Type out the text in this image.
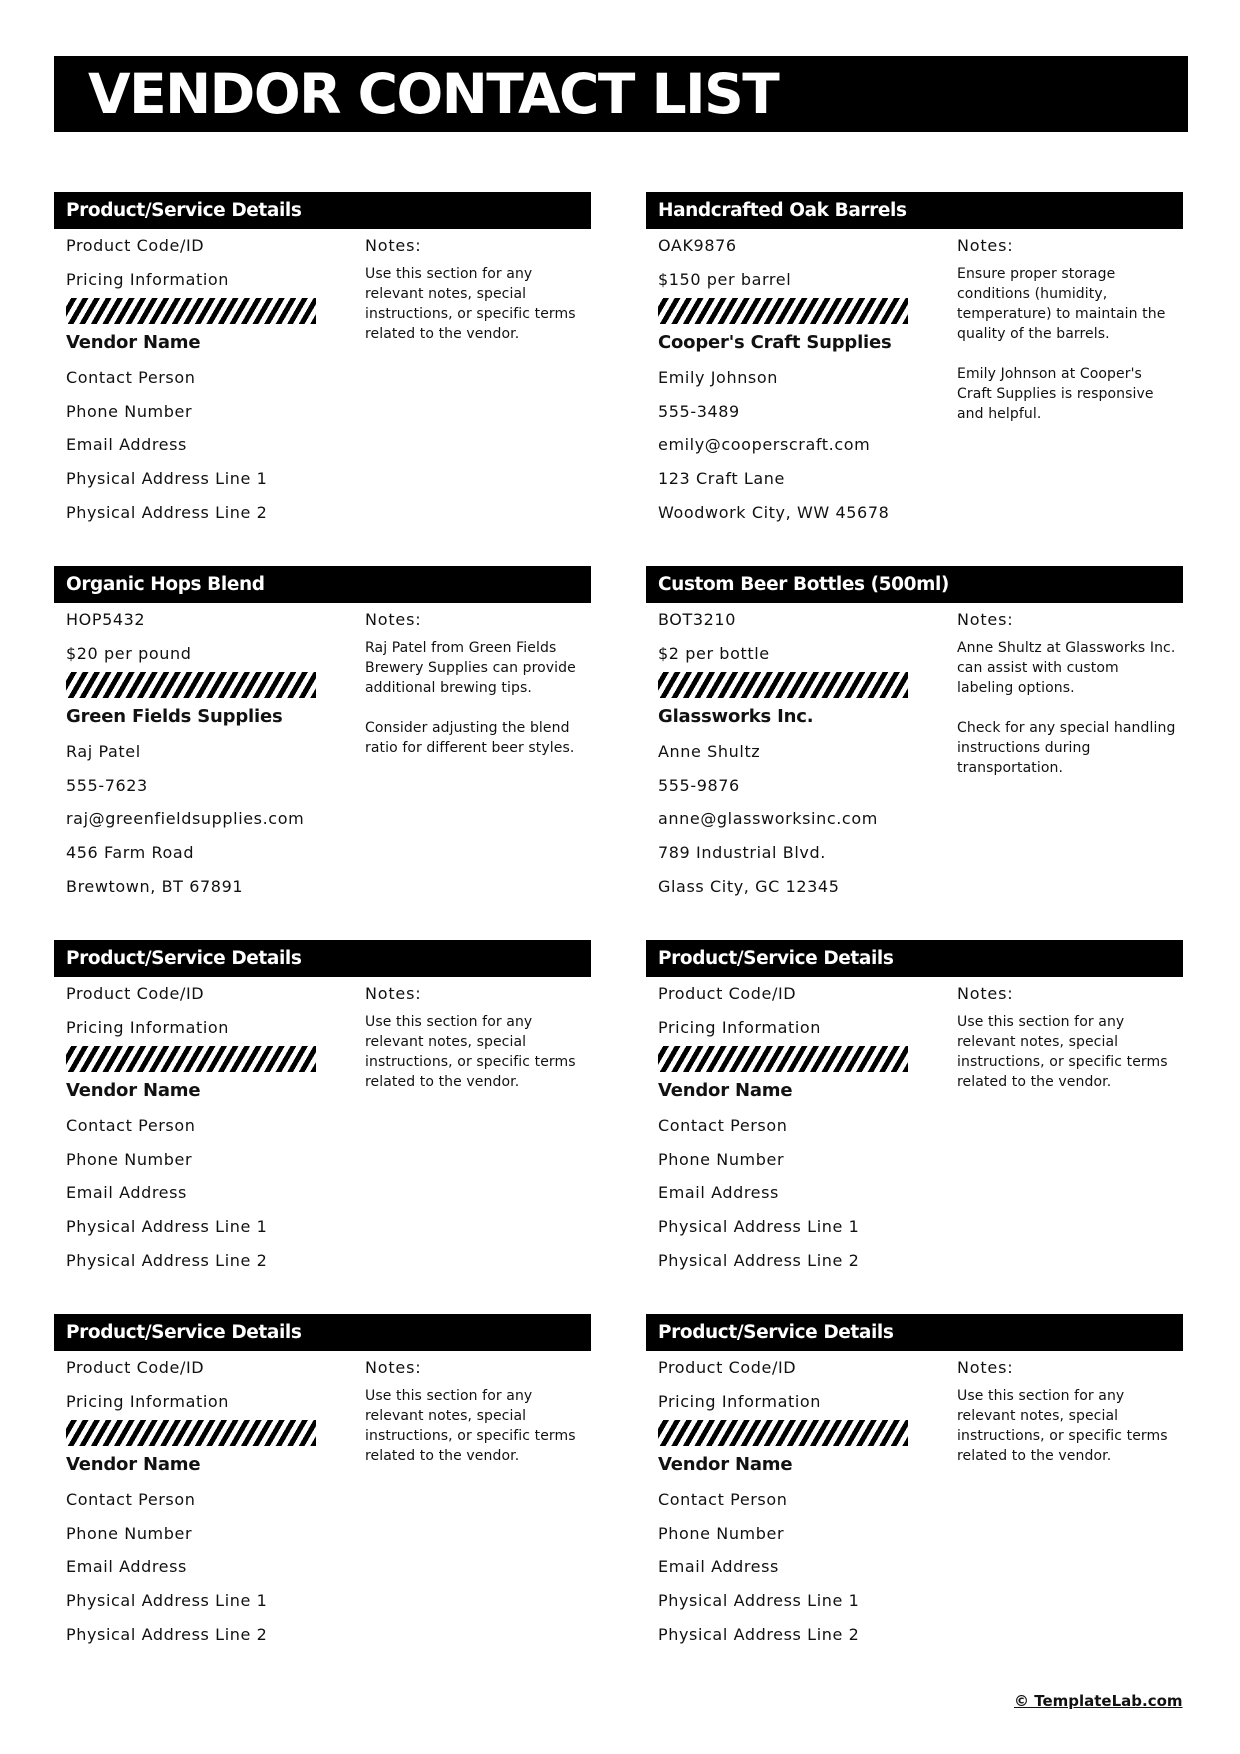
VENDOR CONTACT LIST
Product/Service Details
Product Code/ID
Pricing Information
Vendor Name
Contact Person
Phone Number
Email Address
Physical Address Line 1
Physical Address Line 2
Notes:
Use this section for any relevant notes, special instructions, or specific terms related to the vendor.
Handcrafted Oak Barrels
OAK9876
$150 per barrel
Cooper's Craft Supplies
Emily Johnson
555-3489
emily@cooperscraft.com
123 Craft Lane
Woodwork City, WW 45678
Notes:
Ensure proper storage conditions (humidity, temperature) to maintain the quality of the barrels.

Emily Johnson at Cooper's Craft Supplies is responsive and helpful.
Organic Hops Blend
HOP5432
$20 per pound
Green Fields Supplies
Raj Patel
555-7623
raj@greenfieldsupplies.com
456 Farm Road
Brewtown, BT 67891
Notes:
Raj Patel from Green Fields Brewery Supplies can provide additional brewing tips.

Consider adjusting the blend ratio for different beer styles.
Custom Beer Bottles (500ml)
BOT3210
$2 per bottle
Glassworks Inc.
Anne Shultz
555-9876
anne@glassworksinc.com
789 Industrial Blvd.
Glass City, GC 12345
Notes:
Anne Shultz at Glassworks Inc. can assist with custom labeling options.

Check for any special handling instructions during transportation.
Product/Service Details
Product Code/ID
Pricing Information
Vendor Name
Contact Person
Phone Number
Email Address
Physical Address Line 1
Physical Address Line 2
Notes:
Use this section for any relevant notes, special instructions, or specific terms related to the vendor.
Product/Service Details
Product Code/ID
Pricing Information
Vendor Name
Contact Person
Phone Number
Email Address
Physical Address Line 1
Physical Address Line 2
Notes:
Use this section for any relevant notes, special instructions, or specific terms related to the vendor.
Product/Service Details
Product Code/ID
Pricing Information
Vendor Name
Contact Person
Phone Number
Email Address
Physical Address Line 1
Physical Address Line 2
Notes:
Use this section for any relevant notes, special instructions, or specific terms related to the vendor.
Product/Service Details
Product Code/ID
Pricing Information
Vendor Name
Contact Person
Phone Number
Email Address
Physical Address Line 1
Physical Address Line 2
Notes:
Use this section for any relevant notes, special instructions, or specific terms related to the vendor.
© TemplateLab.com
